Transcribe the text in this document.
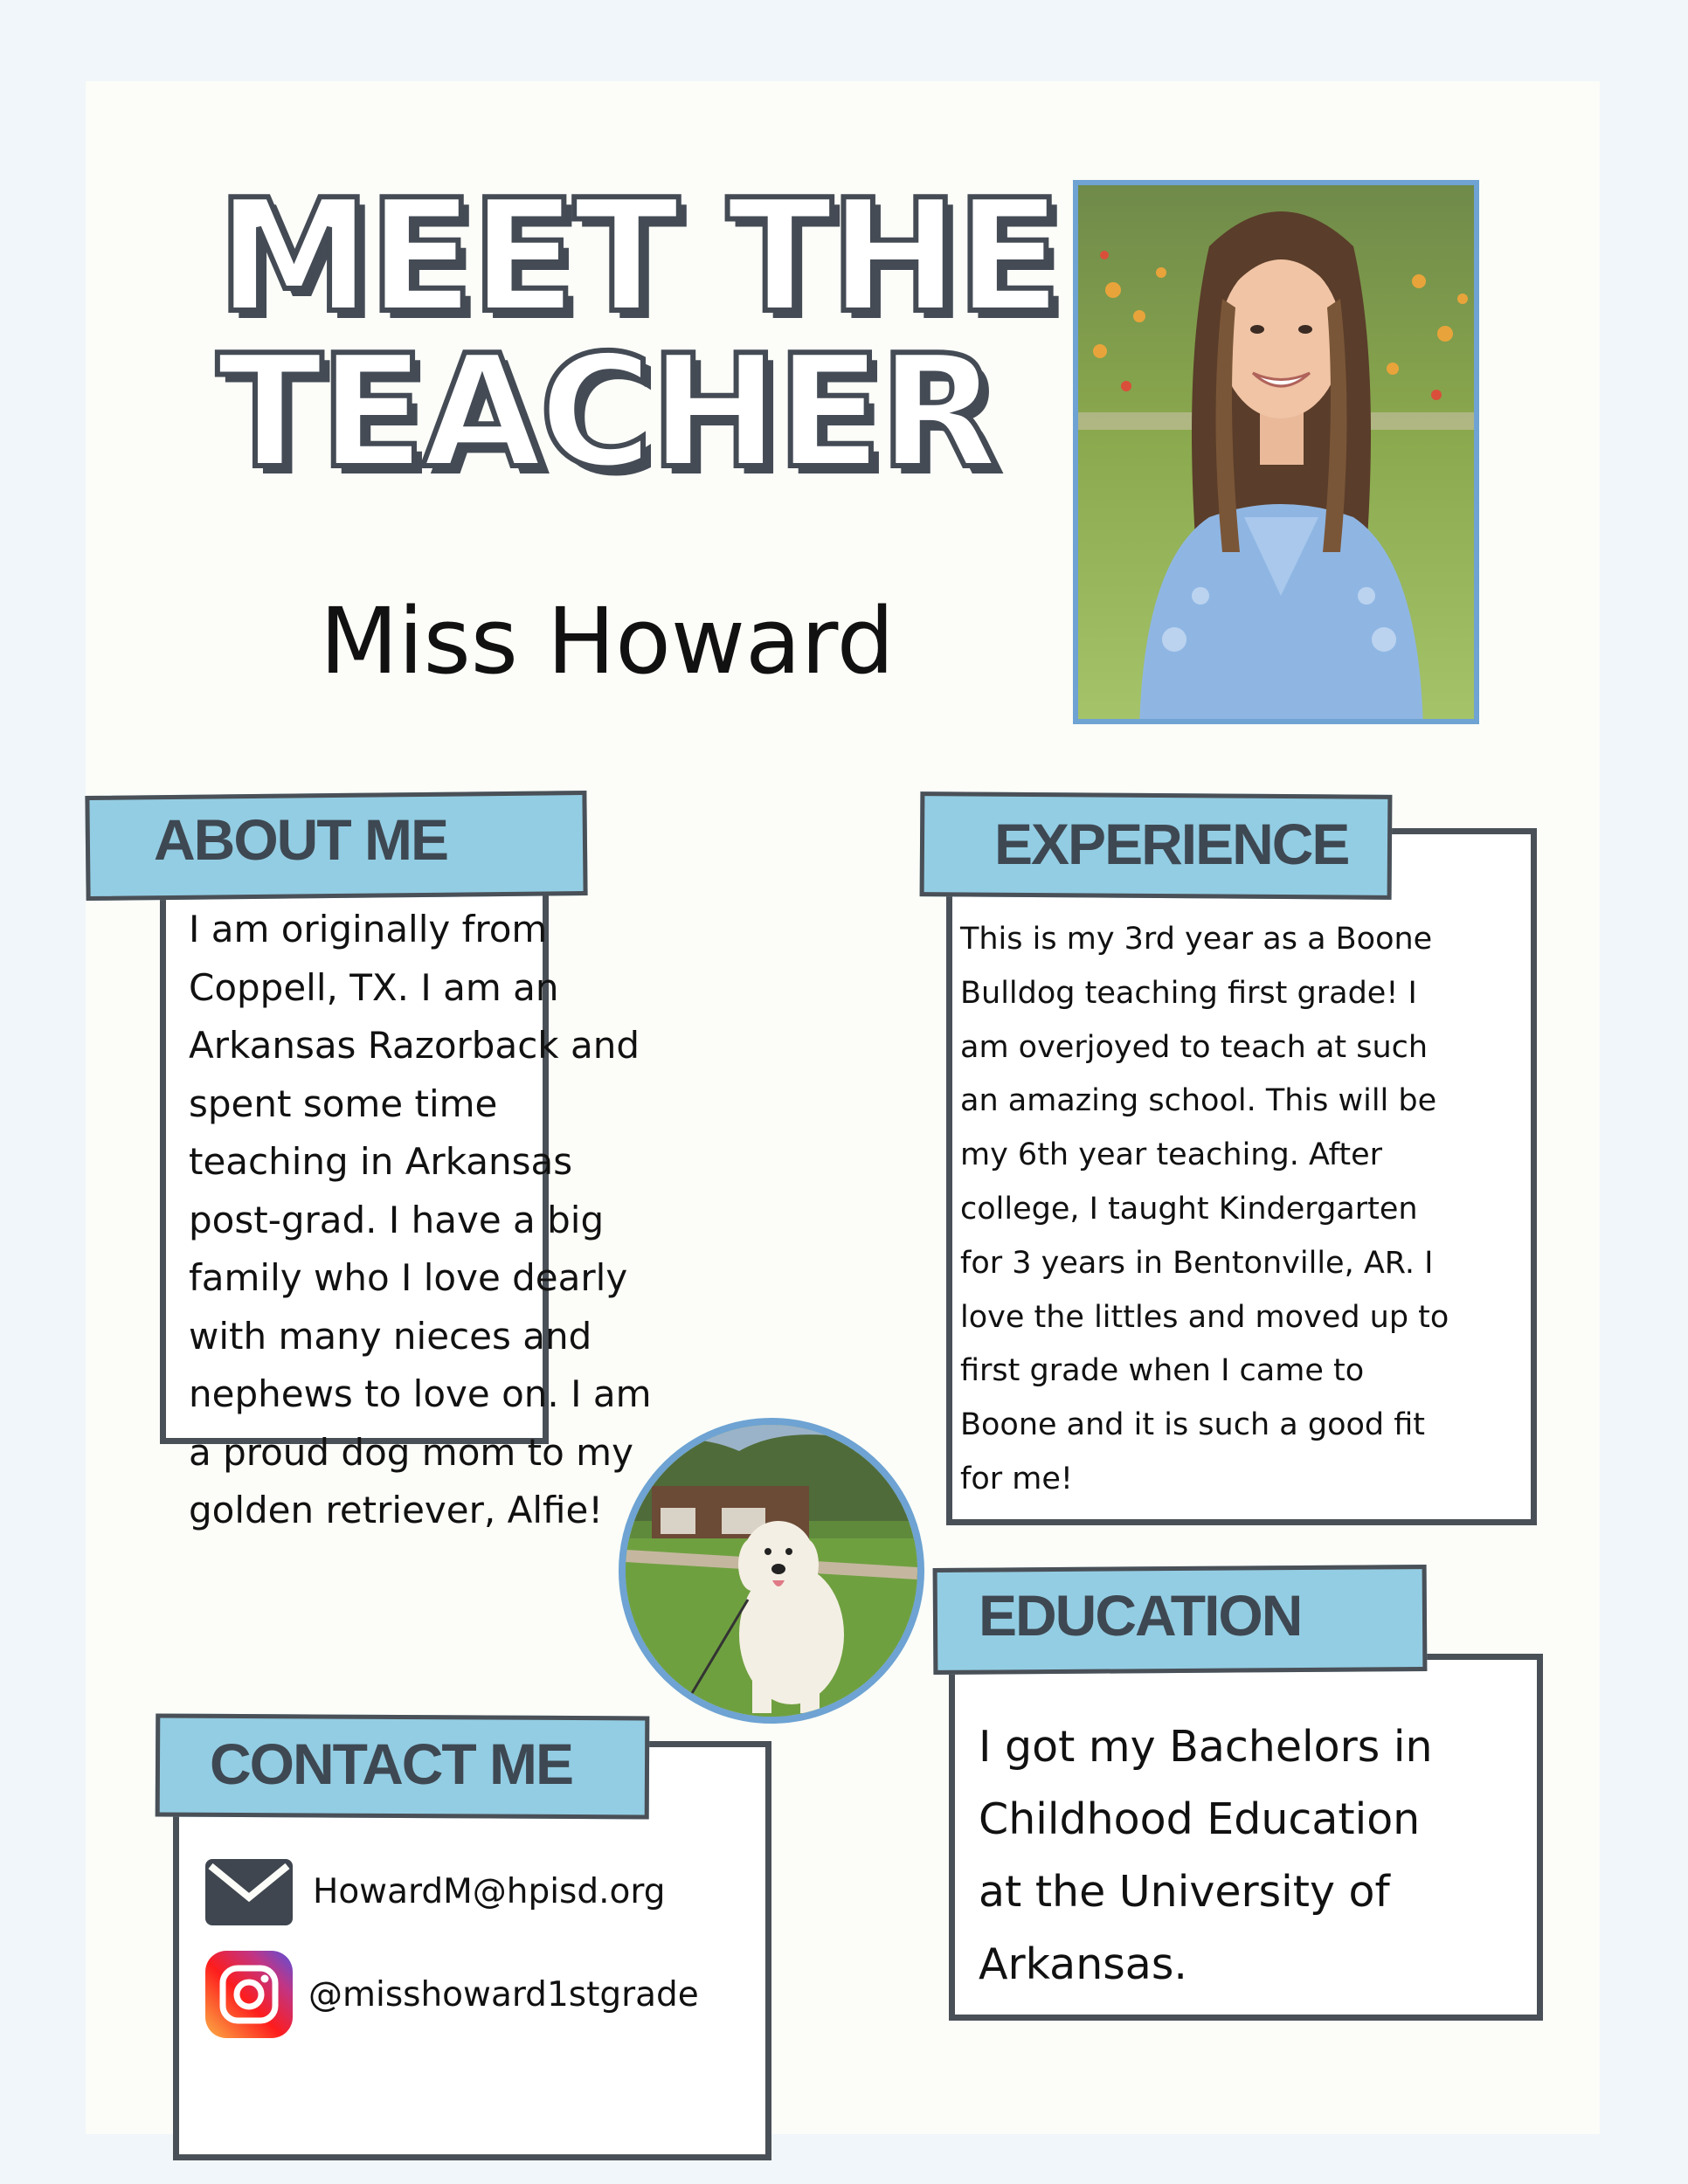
MEET THE
TEACHER
Miss Howard
ABOUT ME
I am originally from
Coppell, TX. I am an
Arkansas Razorback and
spent some time
teaching in Arkansas
post-grad. I have a big
family who I love dearly
with many nieces and
nephews to love on. I am
a proud dog mom to my
golden retriever, Alfie!
EXPERIENCE
This is my 3rd year as a Boone
Bulldog teaching first grade! I
am overjoyed to teach at such
an amazing school. This will be
my 6th year teaching. After
college, I taught Kindergarten
for 3 years in Bentonville, AR. I
love the littles and moved up to
first grade when I came to
Boone and it is such a good fit
for me!
EDUCATION
I got my Bachelors in
Childhood Education
at the University of
Arkansas.
CONTACT ME
HowardM@hpisd.org
@misshoward1stgrade
